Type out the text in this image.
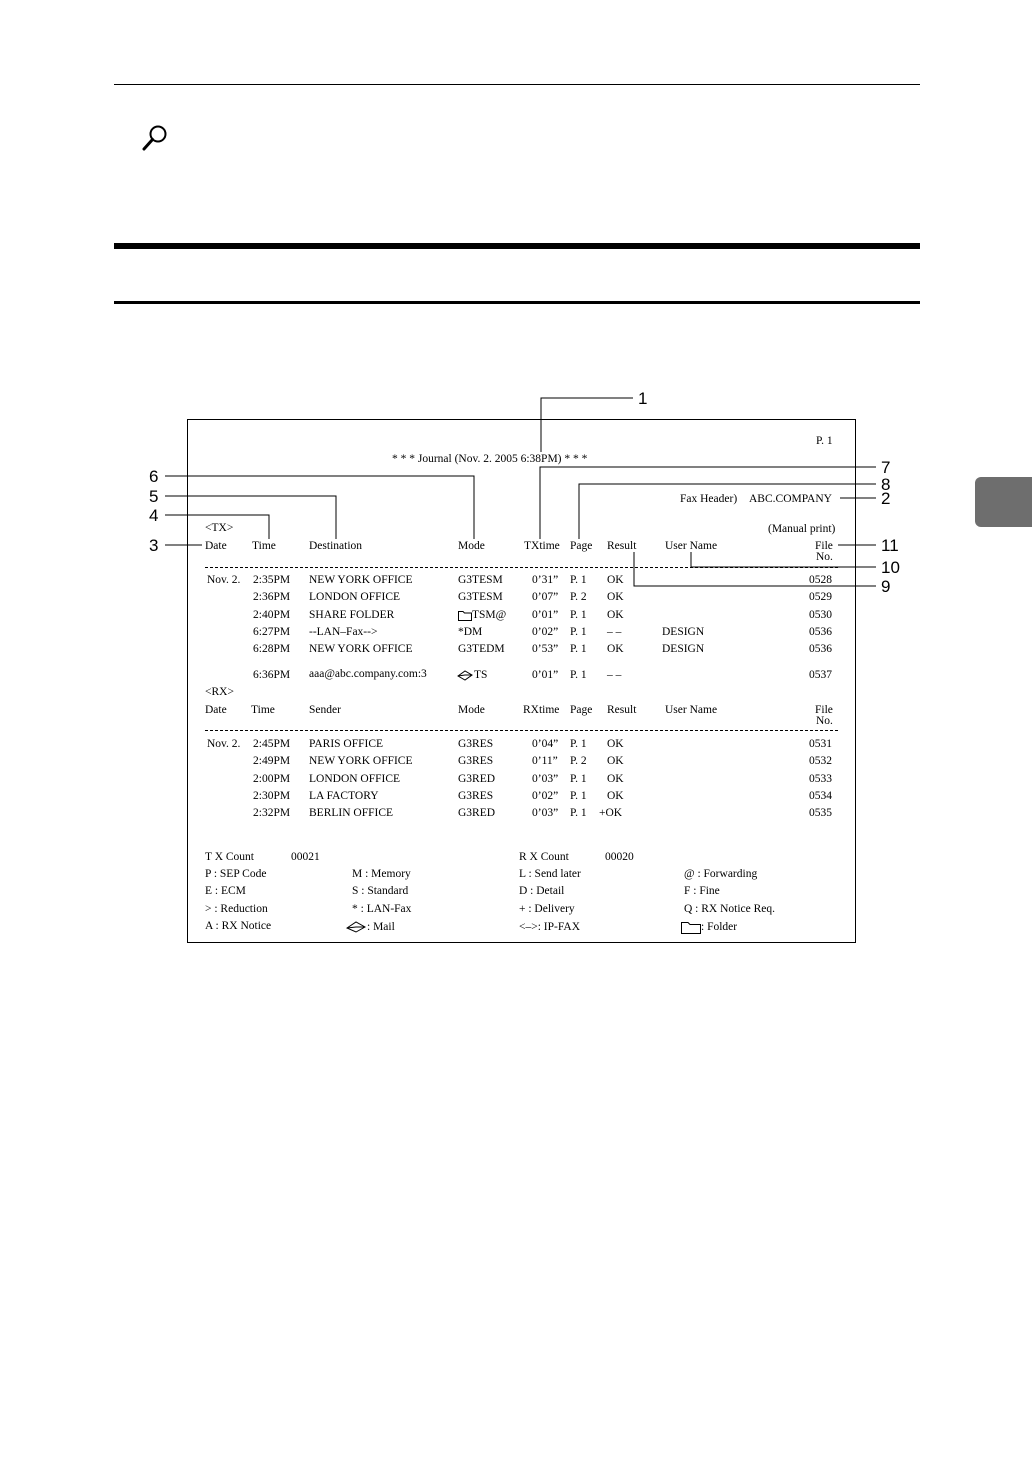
1
6
5
4
3
7
8
2
11
10
9
P. 1
* * * Journal (Nov. 2. 2005 6:38PM) * * *
Fax Header) ABC.COMPANY
(Manual print)
<TX>
Date Time	Destination	Mode	TXtime Page Result User Name	File
No.
Nov. 2. 2:35PM NEW YORK OFFICE	G3TESM	0’31” P. 1 OK	0528
2:36PM LONDON OFFICE	G3TESM	0’07” P. 2 OK	0529
2:40PM SHARE FOLDER	TSM@ 0’01” P. 1 OK	0530
6:27PM --LAN–Fax-->	*DM	0’02” P. 1 – –	DESIGN	0536
6:28PM NEW YORK OFFICE	G3TEDM 0’53” P. 1 OK	DESIGN	0536
6:36PM aaa@abc.company.com:3	TS	0’01” P. 1 – –	0537
<RX>
Date Time	Sender	Mode	RXtime Page Result User Name	File
No.
Nov. 2. 2:45PM PARIS OFFICE	G3RES	0’04” P. 1 OK	0531
2:49PM NEW YORK OFFICE	G3RES	0’11” P. 2 OK	0532
2:00PM LONDON OFFICE	G3RED	0’03” P. 1 OK	0533
2:30PM LA FACTORY	G3RES	0’02” P. 1 OK	0534
2:32PM BERLIN OFFICE	G3RED	0’03” P. 1 +OK	0535
T X Count	00021	R X Count	00020
P : SEP Code	M : Memory	L : Send later	@ : Forwarding
E : ECM	S : Standard	D : Detail	F : Fine
> : Reduction	* : LAN-Fax	+ : Delivery	Q : RX Notice Req.
A : RX Notice	: Mail	<–>: IP-FAX	: Folder
